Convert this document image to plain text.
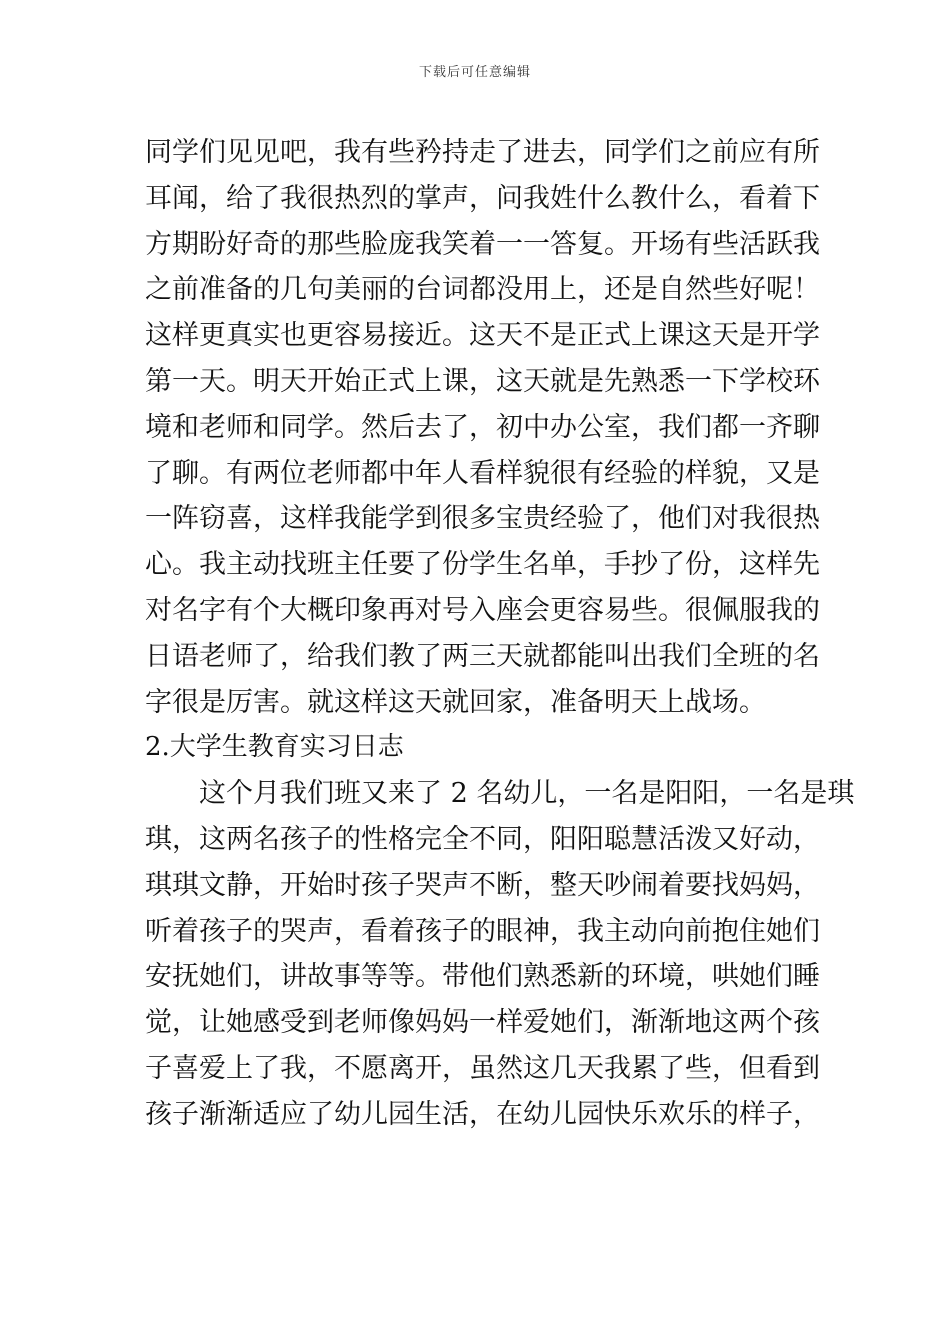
下载后可任意编辑
同学们见见吧，我有些矜持走了进去，同学们之前应有所
耳闻，给了我很热烈的掌声，问我姓什么教什么，看着下
方期盼好奇的那些脸庞我笑着一一答复。开场有些活跃我
之前准备的几句美丽的台词都没用上，还是自然些好呢！
这样更真实也更容易接近。这天不是正式上课这天是开学
第一天。明天开始正式上课，这天就是先熟悉一下学校环
境和老师和同学。然后去了，初中办公室，我们都一齐聊
了聊。有两位老师都中年人看样貌很有经验的样貌，又是
一阵窃喜，这样我能学到很多宝贵经验了，他们对我很热
心。我主动找班主任要了份学生名单，手抄了份，这样先
对名字有个大概印象再对号入座会更容易些。很佩服我的
日语老师了，给我们教了两三天就都能叫出我们全班的名
字很是厉害。就这样这天就回家，准备明天上战场。
2.大学生教育实习日志
这个月我们班又来了 2 名幼儿，一名是阳阳，一名是琪
琪，这两名孩子的性格完全不同，阳阳聪慧活泼又好动，
琪琪文静，开始时孩子哭声不断，整天吵闹着要找妈妈，
听着孩子的哭声，看着孩子的眼神，我主动向前抱住她们
安抚她们，讲故事等等。带他们熟悉新的环境，哄她们睡
觉，让她感受到老师像妈妈一样爱她们，渐渐地这两个孩
子喜爱上了我，不愿离开，虽然这几天我累了些，但看到
孩子渐渐适应了幼儿园生活，在幼儿园快乐欢乐的样子，
